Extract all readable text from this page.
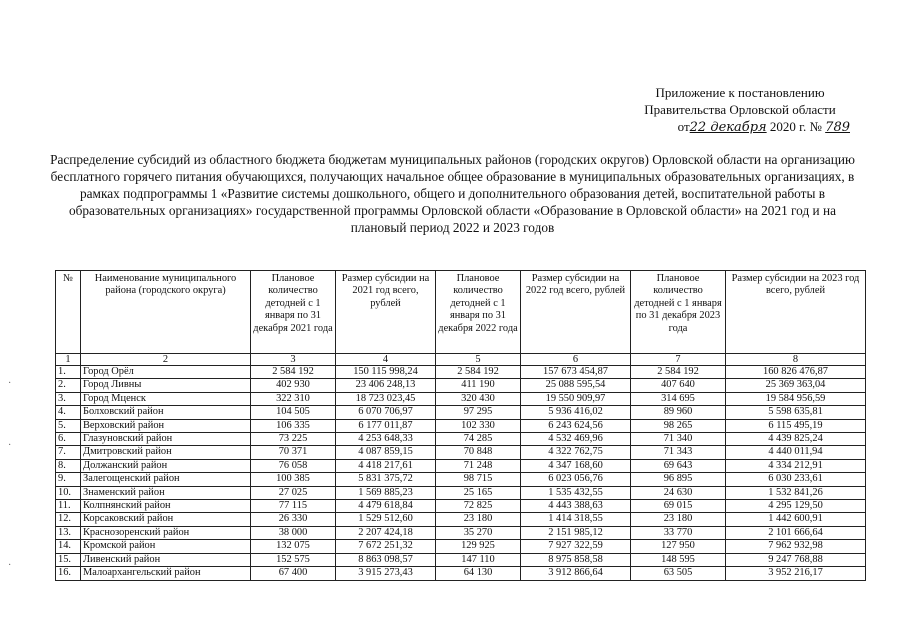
Приложение к постановлению
Правительства Орловской области
от22 декабря 2020 г. № 789
Распределение субсидий из областного бюджета бюджетам муниципальных районов (городских округов) Орловской области на организацию бесплатного горячего питания обучающихся, получающих начальное общее образование в муниципальных образовательных организациях, в рамках подпрограммы 1 «Развитие системы дошкольного, общего и дополнительного образования детей, воспитательной работы в образовательных организациях» государственной программы Орловской области «Образование в Орловской области» на 2021 год и на плановый период 2022 и 2023 годов
·
·
·
№	Наименование муниципального района (городского округа)	Плановое количество детодней с 1 января по 31 декабря 2021 года	Размер субсидии на 2021 год всего, рублей	Плановое количество детодней с 1 января по 31 декабря 2022 года	Размер субсидии на 2022 год всего, рублей	Плановое количество детодней с 1 января по 31 декабря 2023 года	Размер субсидии на 2023 год всего, рублей
1	2	3	4	5	6	7	8
1.	Город Орёл	2 584 192	150 115 998,24	2 584 192	157 673 454,87	2 584 192	160 826 476,87
2.	Город Ливны	402 930	23 406 248,13	411 190	25 088 595,54	407 640	25 369 363,04
3.	Город Мценск	322 310	18 723 023,45	320 430	19 550 909,97	314 695	19 584 956,59
4.	Болховский район	104 505	6 070 706,97	97 295	5 936 416,02	89 960	5 598 635,81
5.	Верховский район	106 335	6 177 011,87	102 330	6 243 624,56	98 265	6 115 495,19
6.	Глазуновский район	73 225	4 253 648,33	74 285	4 532 469,96	71 340	4 439 825,24
7.	Дмитровский район	70 371	4 087 859,15	70 848	4 322 762,75	71 343	4 440 011,94
8.	Должанский район	76 058	4 418 217,61	71 248	4 347 168,60	69 643	4 334 212,91
9.	Залегощенский район	100 385	5 831 375,72	98 715	6 023 056,76	96 895	6 030 233,61
10.	Знаменский район	27 025	1 569 885,23	25 165	1 535 432,55	24 630	1 532 841,26
11.	Колпнянский район	77 115	4 479 618,84	72 825	4 443 388,63	69 015	4 295 129,50
12.	Корсаковский район	26 330	1 529 512,60	23 180	1 414 318,55	23 180	1 442 600,91
13.	Краснозоренский район	38 000	2 207 424,18	35 270	2 151 985,12	33 770	2 101 666,64
14.	Кромской район	132 075	7 672 251,32	129 925	7 927 322,59	127 950	7 962 932,98
15.	Ливенский район	152 575	8 863 098,57	147 110	8 975 858,58	148 595	9 247 768,88
16.	Малоархангельский район	67 400	3 915 273,43	64 130	3 912 866,64	63 505	3 952 216,17
